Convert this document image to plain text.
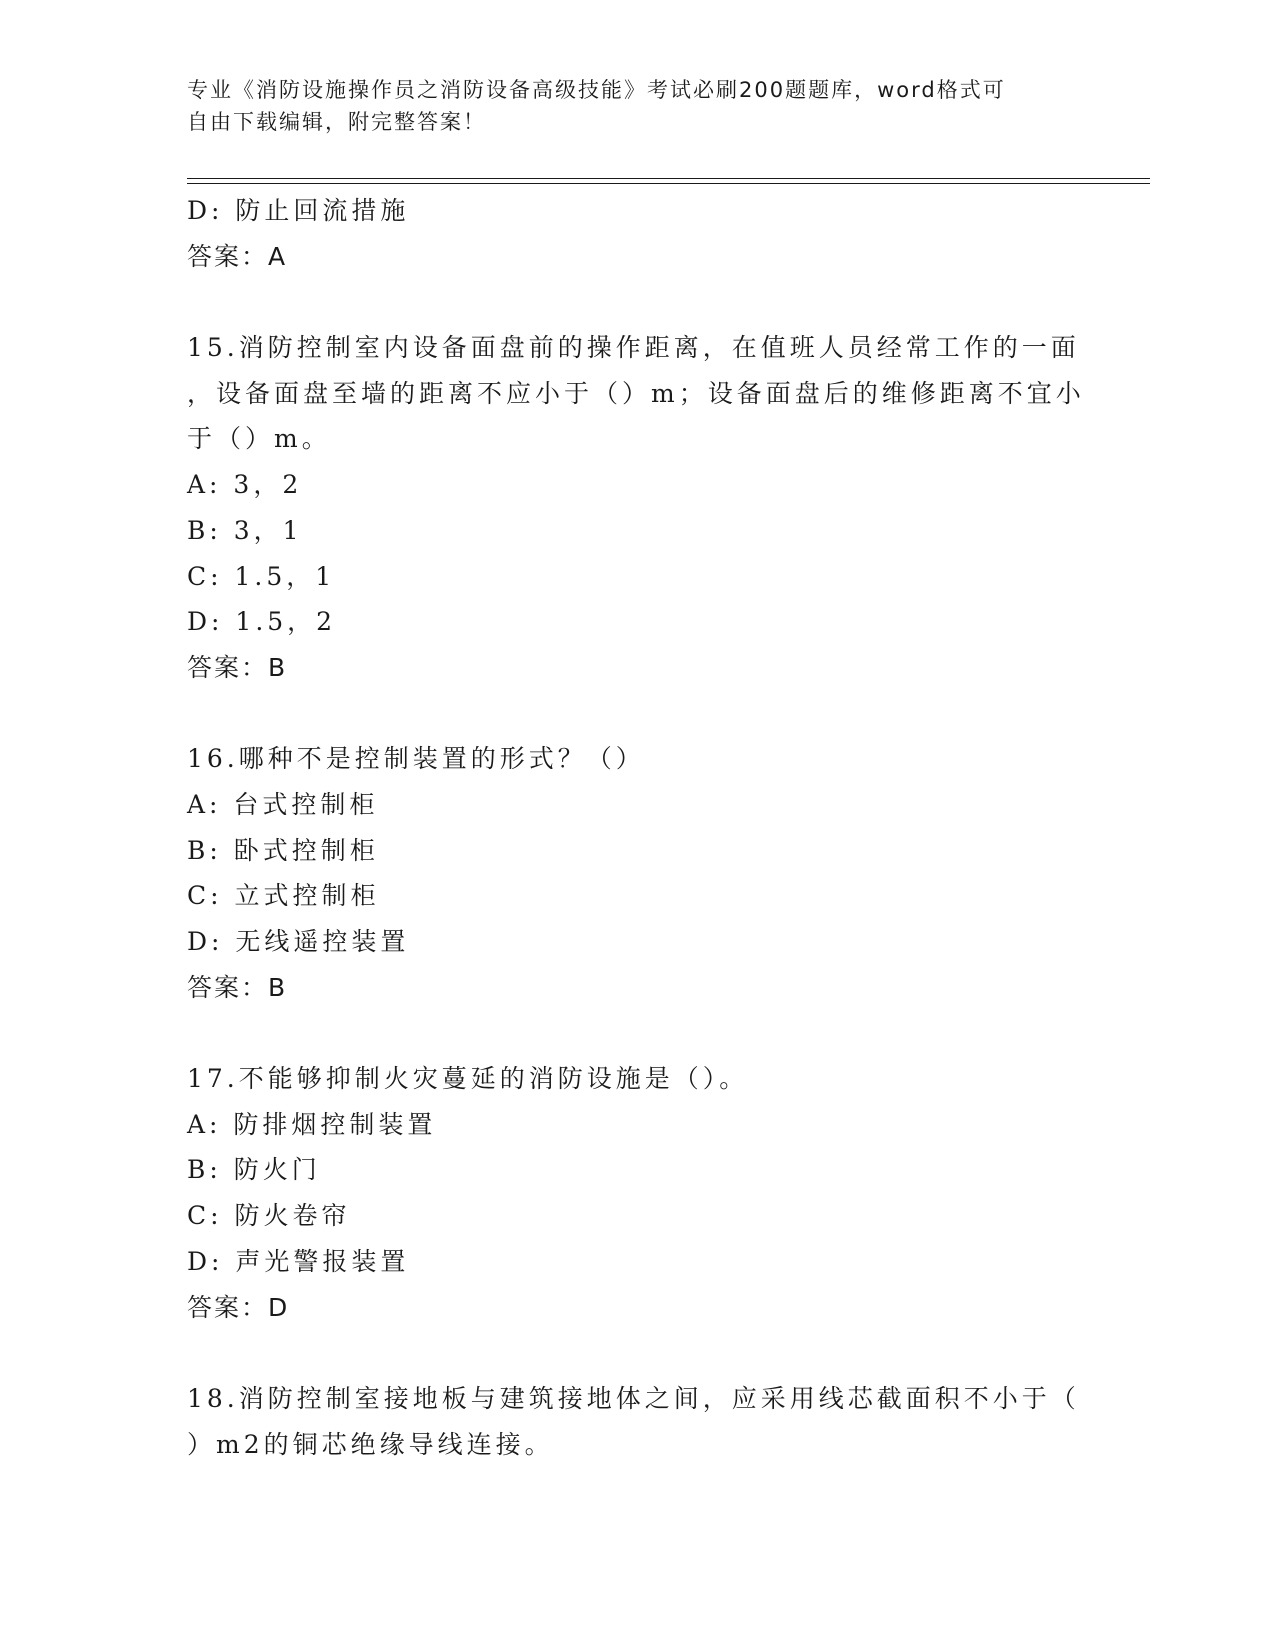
专业《消防设施操作员之消防设备高级技能》考试必刷200题题库，word格式可
自由下载编辑，附完整答案！
D: 防止回流措施
答案：A
15.消防控制室内设备面盘前的操作距离，在值班人员经常工作的一面
，设备面盘至墙的距离不应小于（）m；设备面盘后的维修距离不宜小
于（）m。
A: 3，2
B: 3，1
C: 1.5，1
D: 1.5，2
答案：B
16.哪种不是控制装置的形式？（）
A: 台式控制柜
B: 卧式控制柜
C: 立式控制柜
D: 无线遥控装置
答案：B
17.不能够抑制火灾蔓延的消防设施是（）。
A: 防排烟控制装置
B: 防火门
C: 防火卷帘
D: 声光警报装置
答案：D
18.消防控制室接地板与建筑接地体之间，应采用线芯截面积不小于（
）m2的铜芯绝缘导线连接。
